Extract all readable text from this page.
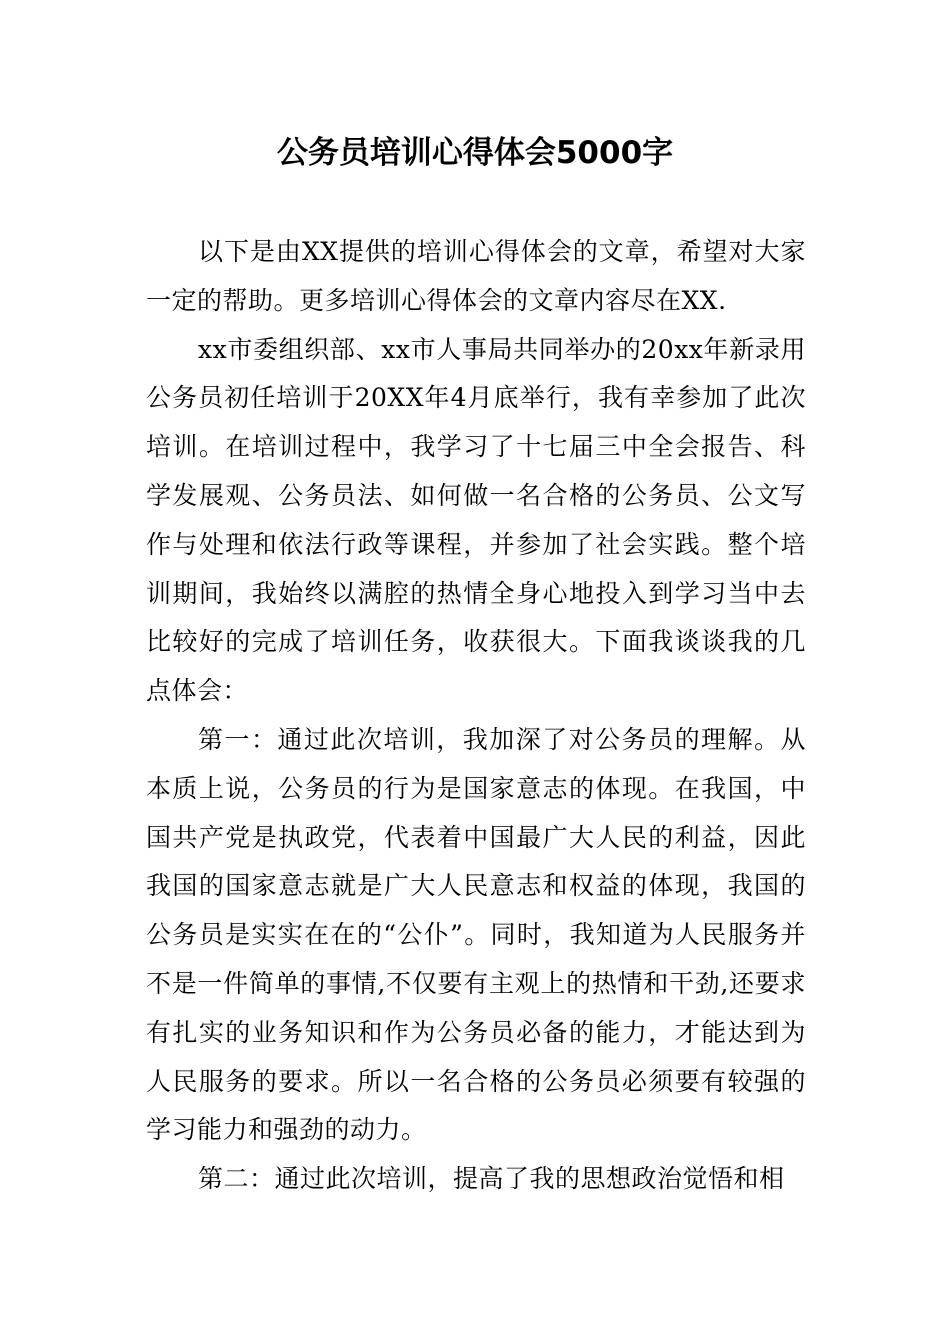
公务员培训心得体会5000字

以下是由XX提供的培训心得体会的文章，希望对大家一定的帮助。更多培训心得体会的文章内容尽在XX.

xx市委组织部、xx市人事局共同举办的20xx年新录用公务员初任培训于20XX年4月底举行，我有幸参加了此次培训。在培训过程中，我学习了十七届三中全会报告、科学发展观、公务员法、如何做一名合格的公务员、公文写作与处理和依法行政等课程，并参加了社会实践。整个培训期间，我始终以满腔的热情全身心地投入到学习当中去比较好的完成了培训任务，收获很大。下面我谈谈我的几点体会：

第一：通过此次培训，我加深了对公务员的理解。从本质上说，公务员的行为是国家意志的体现。在我国，中国共产党是执政党，代表着中国最广大人民的利益，因此我国的国家意志就是广大人民意志和权益的体现，我国的公务员是实实在在的“公仆”。同时，我知道为人民服务并不是一件简单的事情,不仅要有主观上的热情和干劲,还要求有扎实的业务知识和作为公务员必备的能力，才能达到为人民服务的要求。所以一名合格的公务员必须要有较强的学习能力和强劲的动力。

第二：通过此次培训，提高了我的思想政治觉悟和相
